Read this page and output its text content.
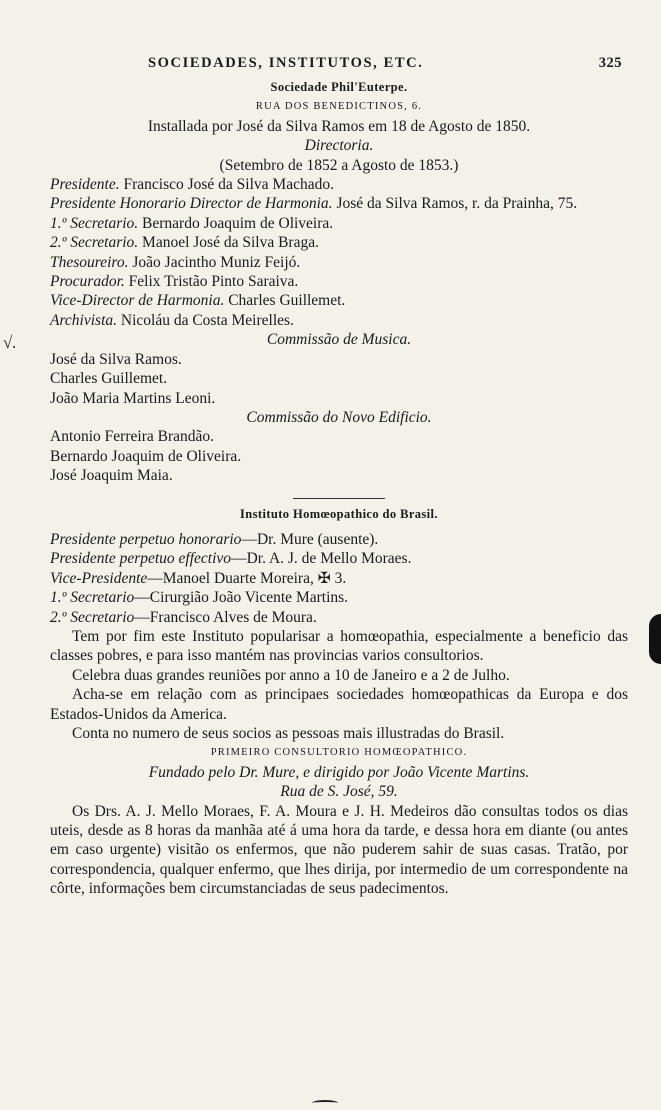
SOCIEDADES, INSTITUTOS, ETC.	325
Sociedade Phil'Euterpe.
RUA DOS BENEDICTINOS, 6.
Installada por José da Silva Ramos em 18 de Agosto de 1850.
Directoria.
(Setembro de 1852 a Agosto de 1853.)
Presidente. Francisco José da Silva Machado.
Presidente Honorario Director de Harmonia. José da Silva Ramos, r. da Prainha, 75.
1.º Secretario. Bernardo Joaquim de Oliveira.
2.º Secretario. Manoel José da Silva Braga.
Thesoureiro. João Jacintho Muniz Feijó.
Procurador. Felix Tristão Pinto Saraiva.
Vice-Director de Harmonia. Charles Guillemet.
Archivista. Nicoláu da Costa Meirelles.
Commissão de Musica.
José da Silva Ramos.
Charles Guillemet.
João Maria Martins Leoni.
Commissão do Novo Edificio.
Antonio Ferreira Brandão.
Bernardo Joaquim de Oliveira.
José Joaquim Maia.
Instituto Homœopathico do Brasil.
Presidente perpetuo honorario—Dr. Mure (ausente).
Presidente perpetuo effectivo—Dr. A. J. de Mello Moraes.
Vice-Presidente—Manoel Duarte Moreira, ✠ 3.
1.º Secretario—Cirurgião João Vicente Martins.
2.º Secretario—Francisco Alves de Moura.
Tem por fim este Instituto popularisar a homœopathia, especialmente a beneficio das classes pobres, e para isso mantém nas provincias varios consultorios.
Celebra duas grandes reuniões por anno a 10 de Janeiro e a 2 de Julho.
Acha-se em relação com as principaes sociedades homœopathicas da Europa e dos Estados-Unidos da America.
Conta no numero de seus socios as pessoas mais illustradas do Brasil.
PRIMEIRO CONSULTORIO HOMŒOPATHICO.
Fundado pelo Dr. Mure, e dirigido por João Vicente Martins.
Rua de S. José, 59.
Os Drs. A. J. Mello Moraes, F. A. Moura e J. H. Medeiros dão consultas todos os dias uteis, desde as 8 horas da manhãa até á uma hora da tarde, e dessa hora em diante (ou antes em caso urgente) visitão os enfermos, que não puderem sahir de suas casas. Tratão, por correspondencia, qualquer enfermo, que lhes dirija, por intermedio de um correspondente na côrte, informações bem circumstanciadas de seus padecimentos.
√.
